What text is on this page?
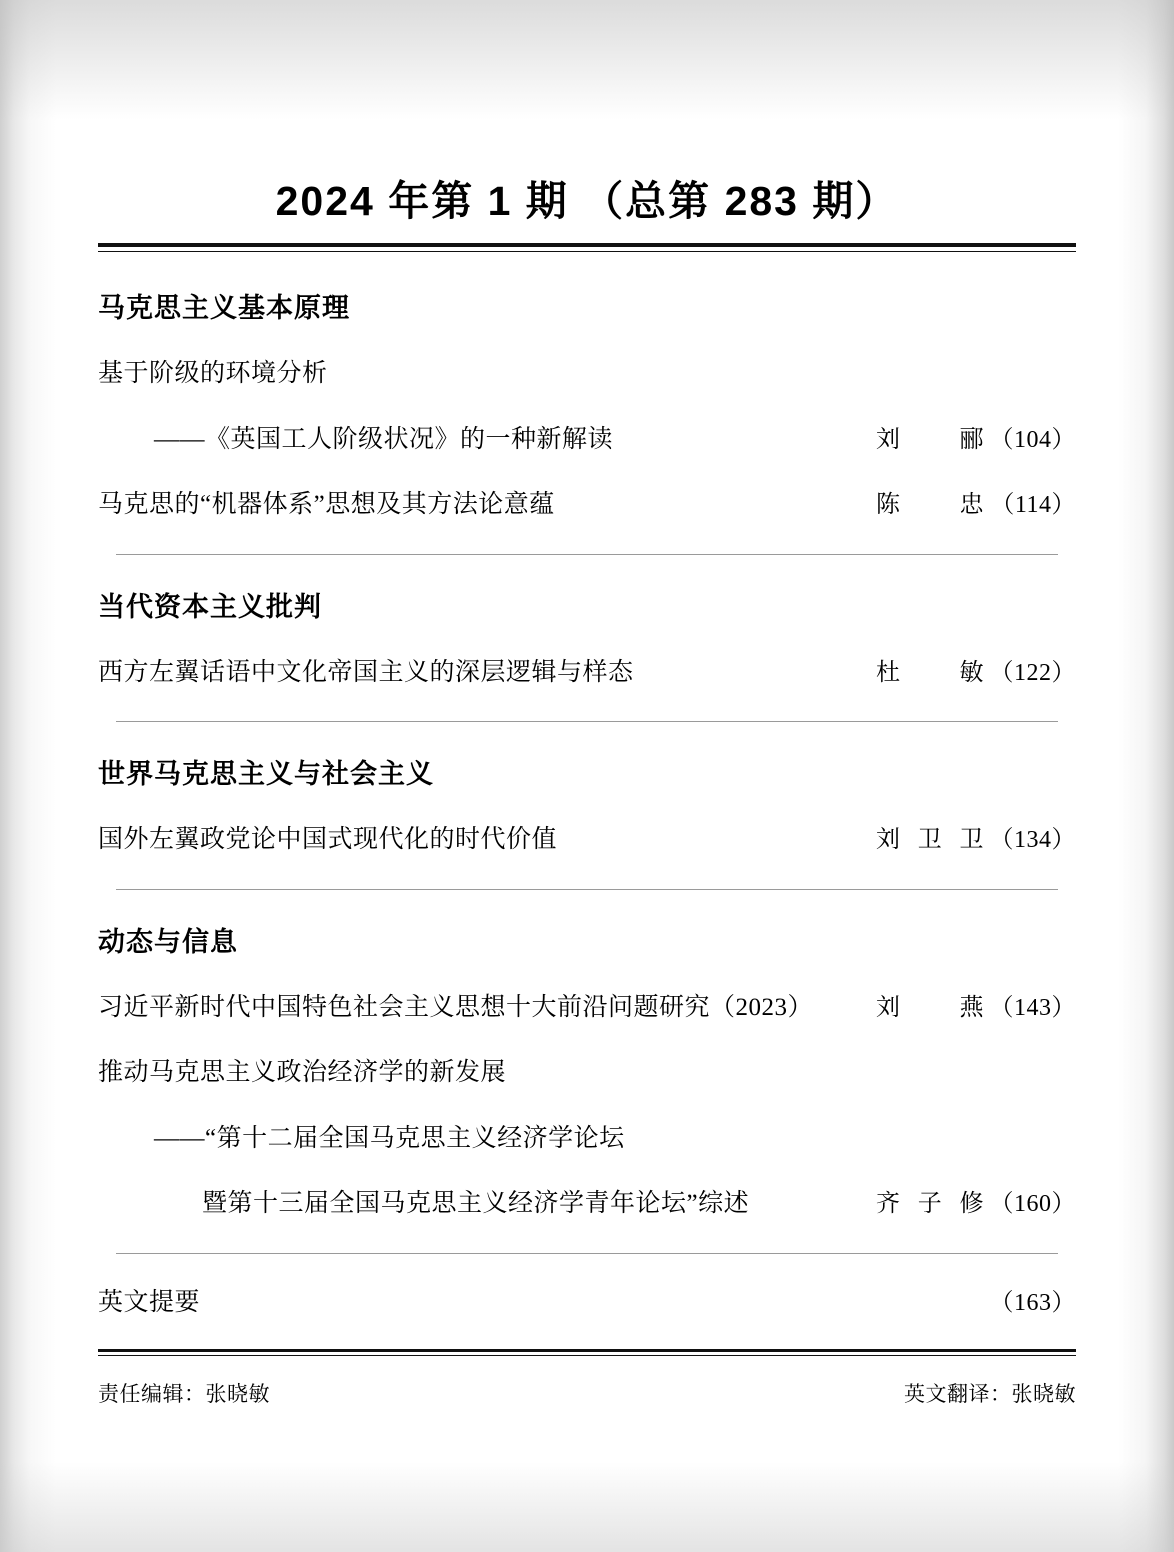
2024 年第 1 期 （总第 283 期）
马克思主义基本原理
基于阶级的环境分析
——《英国工人阶级状况》的一种新解读	刘　郦 （104）
马克思的“机器体系”思想及其方法论意蕴	陈　忠 （114）
当代资本主义批判
西方左翼话语中文化帝国主义的深层逻辑与样态	杜　敏 （122）
世界马克思主义与社会主义
国外左翼政党论中国式现代化的时代价值	刘卫卫 （134）
动态与信息
习近平新时代中国特色社会主义思想十大前沿问题研究（2023）	刘　燕 （143）
推动马克思主义政治经济学的新发展
——“第十二届全国马克思主义经济学论坛
暨第十三届全国马克思主义经济学青年论坛”综述	齐子修 （160）
英文提要	（163）
责任编辑：张晓敏	英文翻译：张晓敏
